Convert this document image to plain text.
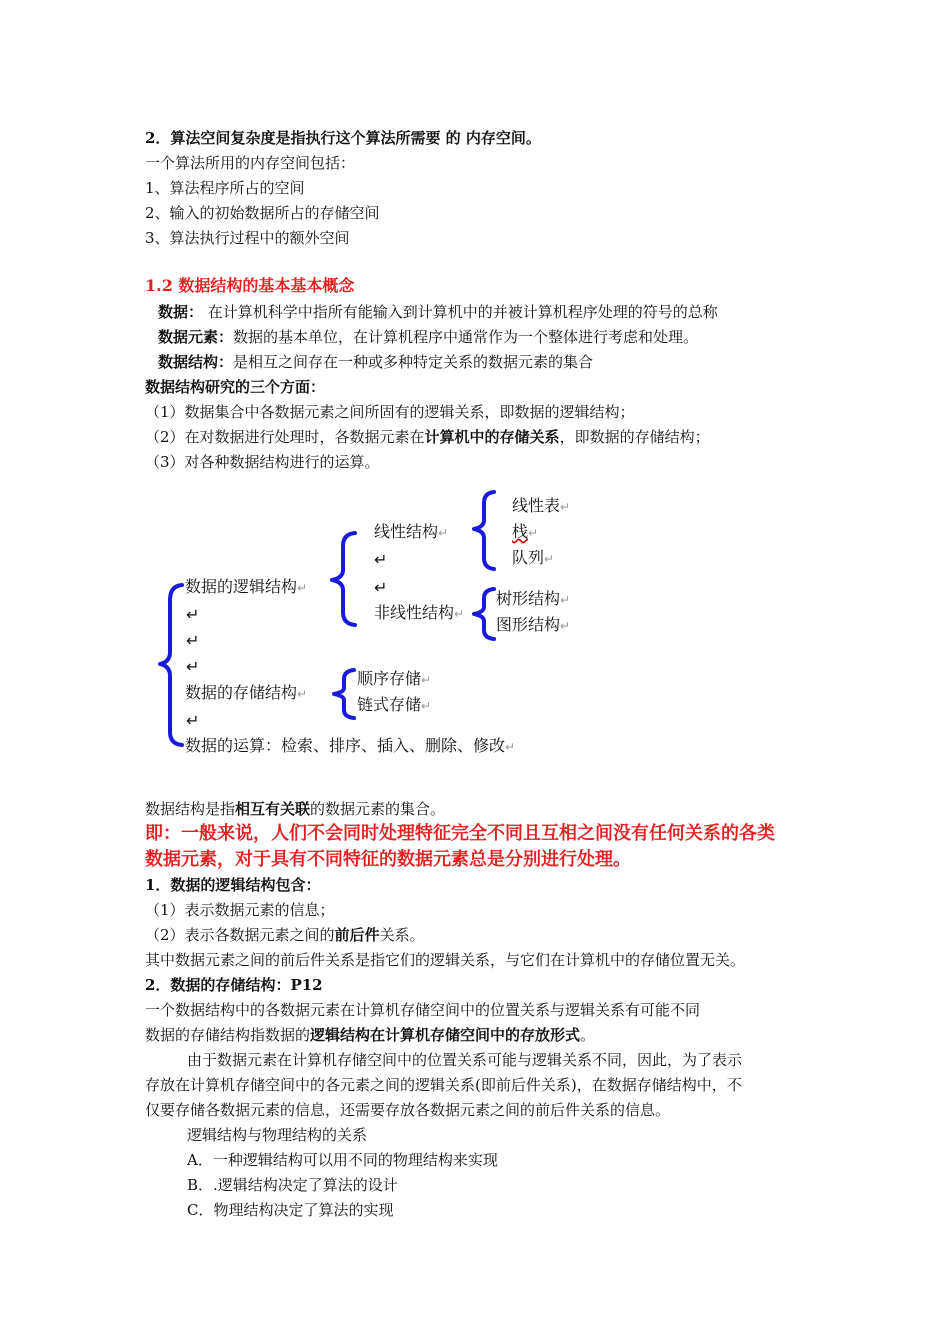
2．算法空间复杂度是指执行这个算法所需要 的 内存空间。
一个算法所用的内存空间包括：
1、算法程序所占的空间
2、输入的初始数据所占的存储空间
3、算法执行过程中的额外空间
1.2 数据结构的基本基本概念
数据： 在计算机科学中指所有能输入到计算机中的并被计算机程序处理的符号的总称
数据元素：数据的基本单位，在计算机程序中通常作为一个整体进行考虑和处理。
数据结构：是相互之间存在一种或多种特定关系的数据元素的集合
数据结构研究的三个方面：
（1）数据集合中各数据元素之间所固有的逻辑关系，即数据的逻辑结构；
（2）在对数据进行处理时，各数据元素在计算机中的存储关系，即数据的存储结构；
（3）对各种数据结构进行的运算。
线性表↵
线性结构↵	栈↵
队列↵
↵
数据的逻辑结构↵	↵
树形结构↵
非线性结构↵
↵
图形结构↵
↵
↵
顺序存储↵
数据的存储结构↵
链式存储↵
↵
数据的运算：检索、排序、插入、删除、修改↵
数据结构是指相互有关联的数据元素的集合。
即：一般来说，人们不会同时处理特征完全不同且互相之间没有任何关系的各类
数据元素，对于具有不同特征的数据元素总是分别进行处理。
1．数据的逻辑结构包含：
（1）表示数据元素的信息；
（2）表示各数据元素之间的前后件关系。
其中数据元素之间的前后件关系是指它们的逻辑关系，与它们在计算机中的存储位置无关。
2．数据的存储结构：P12
一个数据结构中的各数据元素在计算机存储空间中的位置关系与逻辑关系有可能不同
数据的存储结构指数据的逻辑结构在计算机存储空间中的存放形式。
由于数据元素在计算机存储空间中的位置关系可能与逻辑关系不同，因此，为了表示
存放在计算机存储空间中的各元素之间的逻辑关系(即前后件关系)，在数据存储结构中，不
仅要存储各数据元素的信息，还需要存放各数据元素之间的前后件关系的信息。
逻辑结构与物理结构的关系
A．一种逻辑结构可以用不同的物理结构来实现
B．.逻辑结构决定了算法的设计
C．物理结构决定了算法的实现
